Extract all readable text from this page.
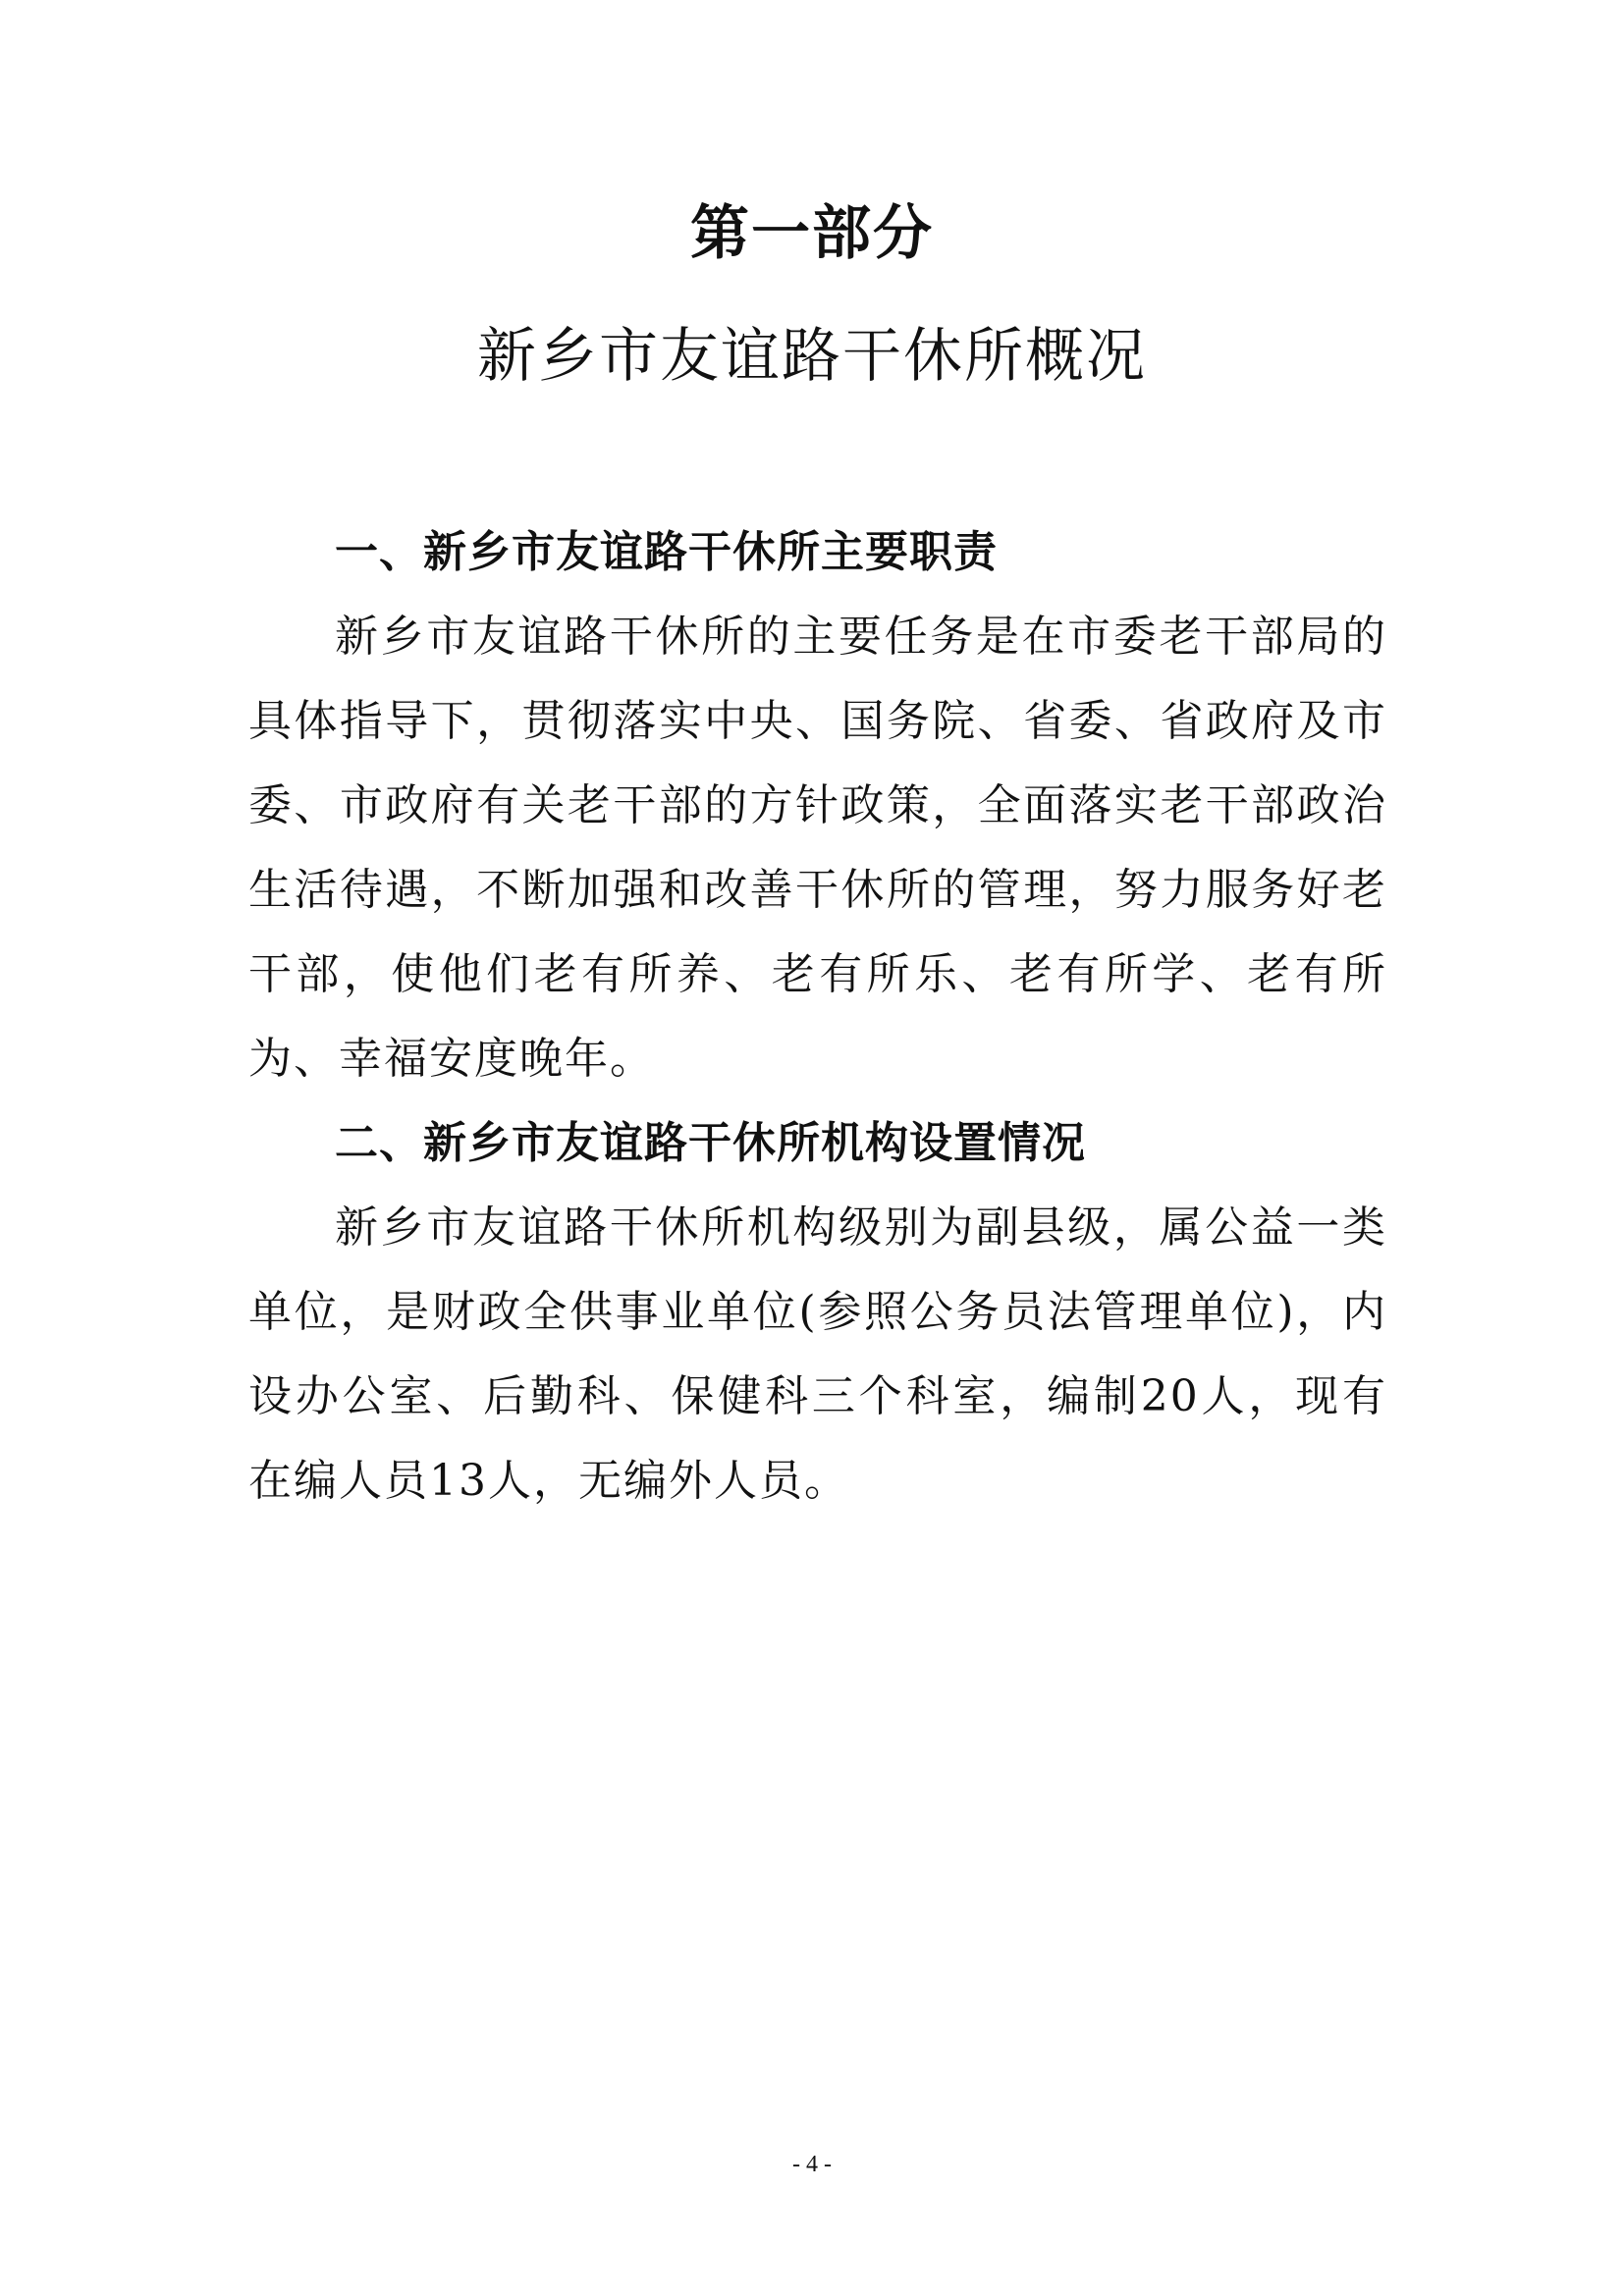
第一部分
新乡市友谊路干休所概况

一、新乡市友谊路干休所主要职责

新乡市友谊路干休所的主要任务是在市委老干部局的具体指导下，贯彻落实中央、国务院、省委、省政府及市委、市政府有关老干部的方针政策，全面落实老干部政治生活待遇，不断加强和改善干休所的管理，努力服务好老干部，使他们老有所养、老有所乐、老有所学、老有所为、幸福安度晚年。

二、新乡市友谊路干休所机构设置情况

新乡市友谊路干休所机构级别为副县级，属公益一类单位，是财政全供事业单位(参照公务员法管理单位)，内设办公室、后勤科、保健科三个科室，编制20人，现有在编人员13人，无编外人员。

- 4 -
